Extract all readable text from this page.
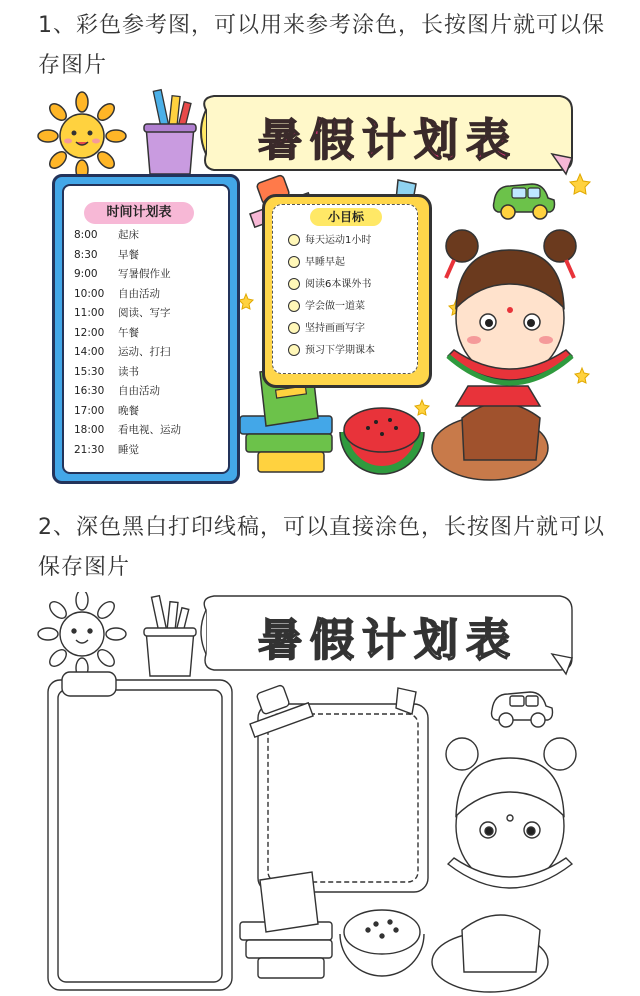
1、彩色参考图，可以用来参考涂色，长按图片就可以保存图片
暑假计划表
时间计划表
8:00 起床
8:30 早餐
9:00 写暑假作业
10:00 自由活动
11:00 阅读、写字
12:00 午餐
14:00 运动、打扫
15:30 读书
16:30 自由活动
17:00 晚餐
18:00 看电视、运动
21:30 睡觉
小目标
每天运动1小时
早睡早起
阅读6本课外书
学会做一道菜
坚持画画写字
预习下学期课本
2、深色黑白打印线稿，可以直接涂色，长按图片就可以保存图片
暑假计划表
